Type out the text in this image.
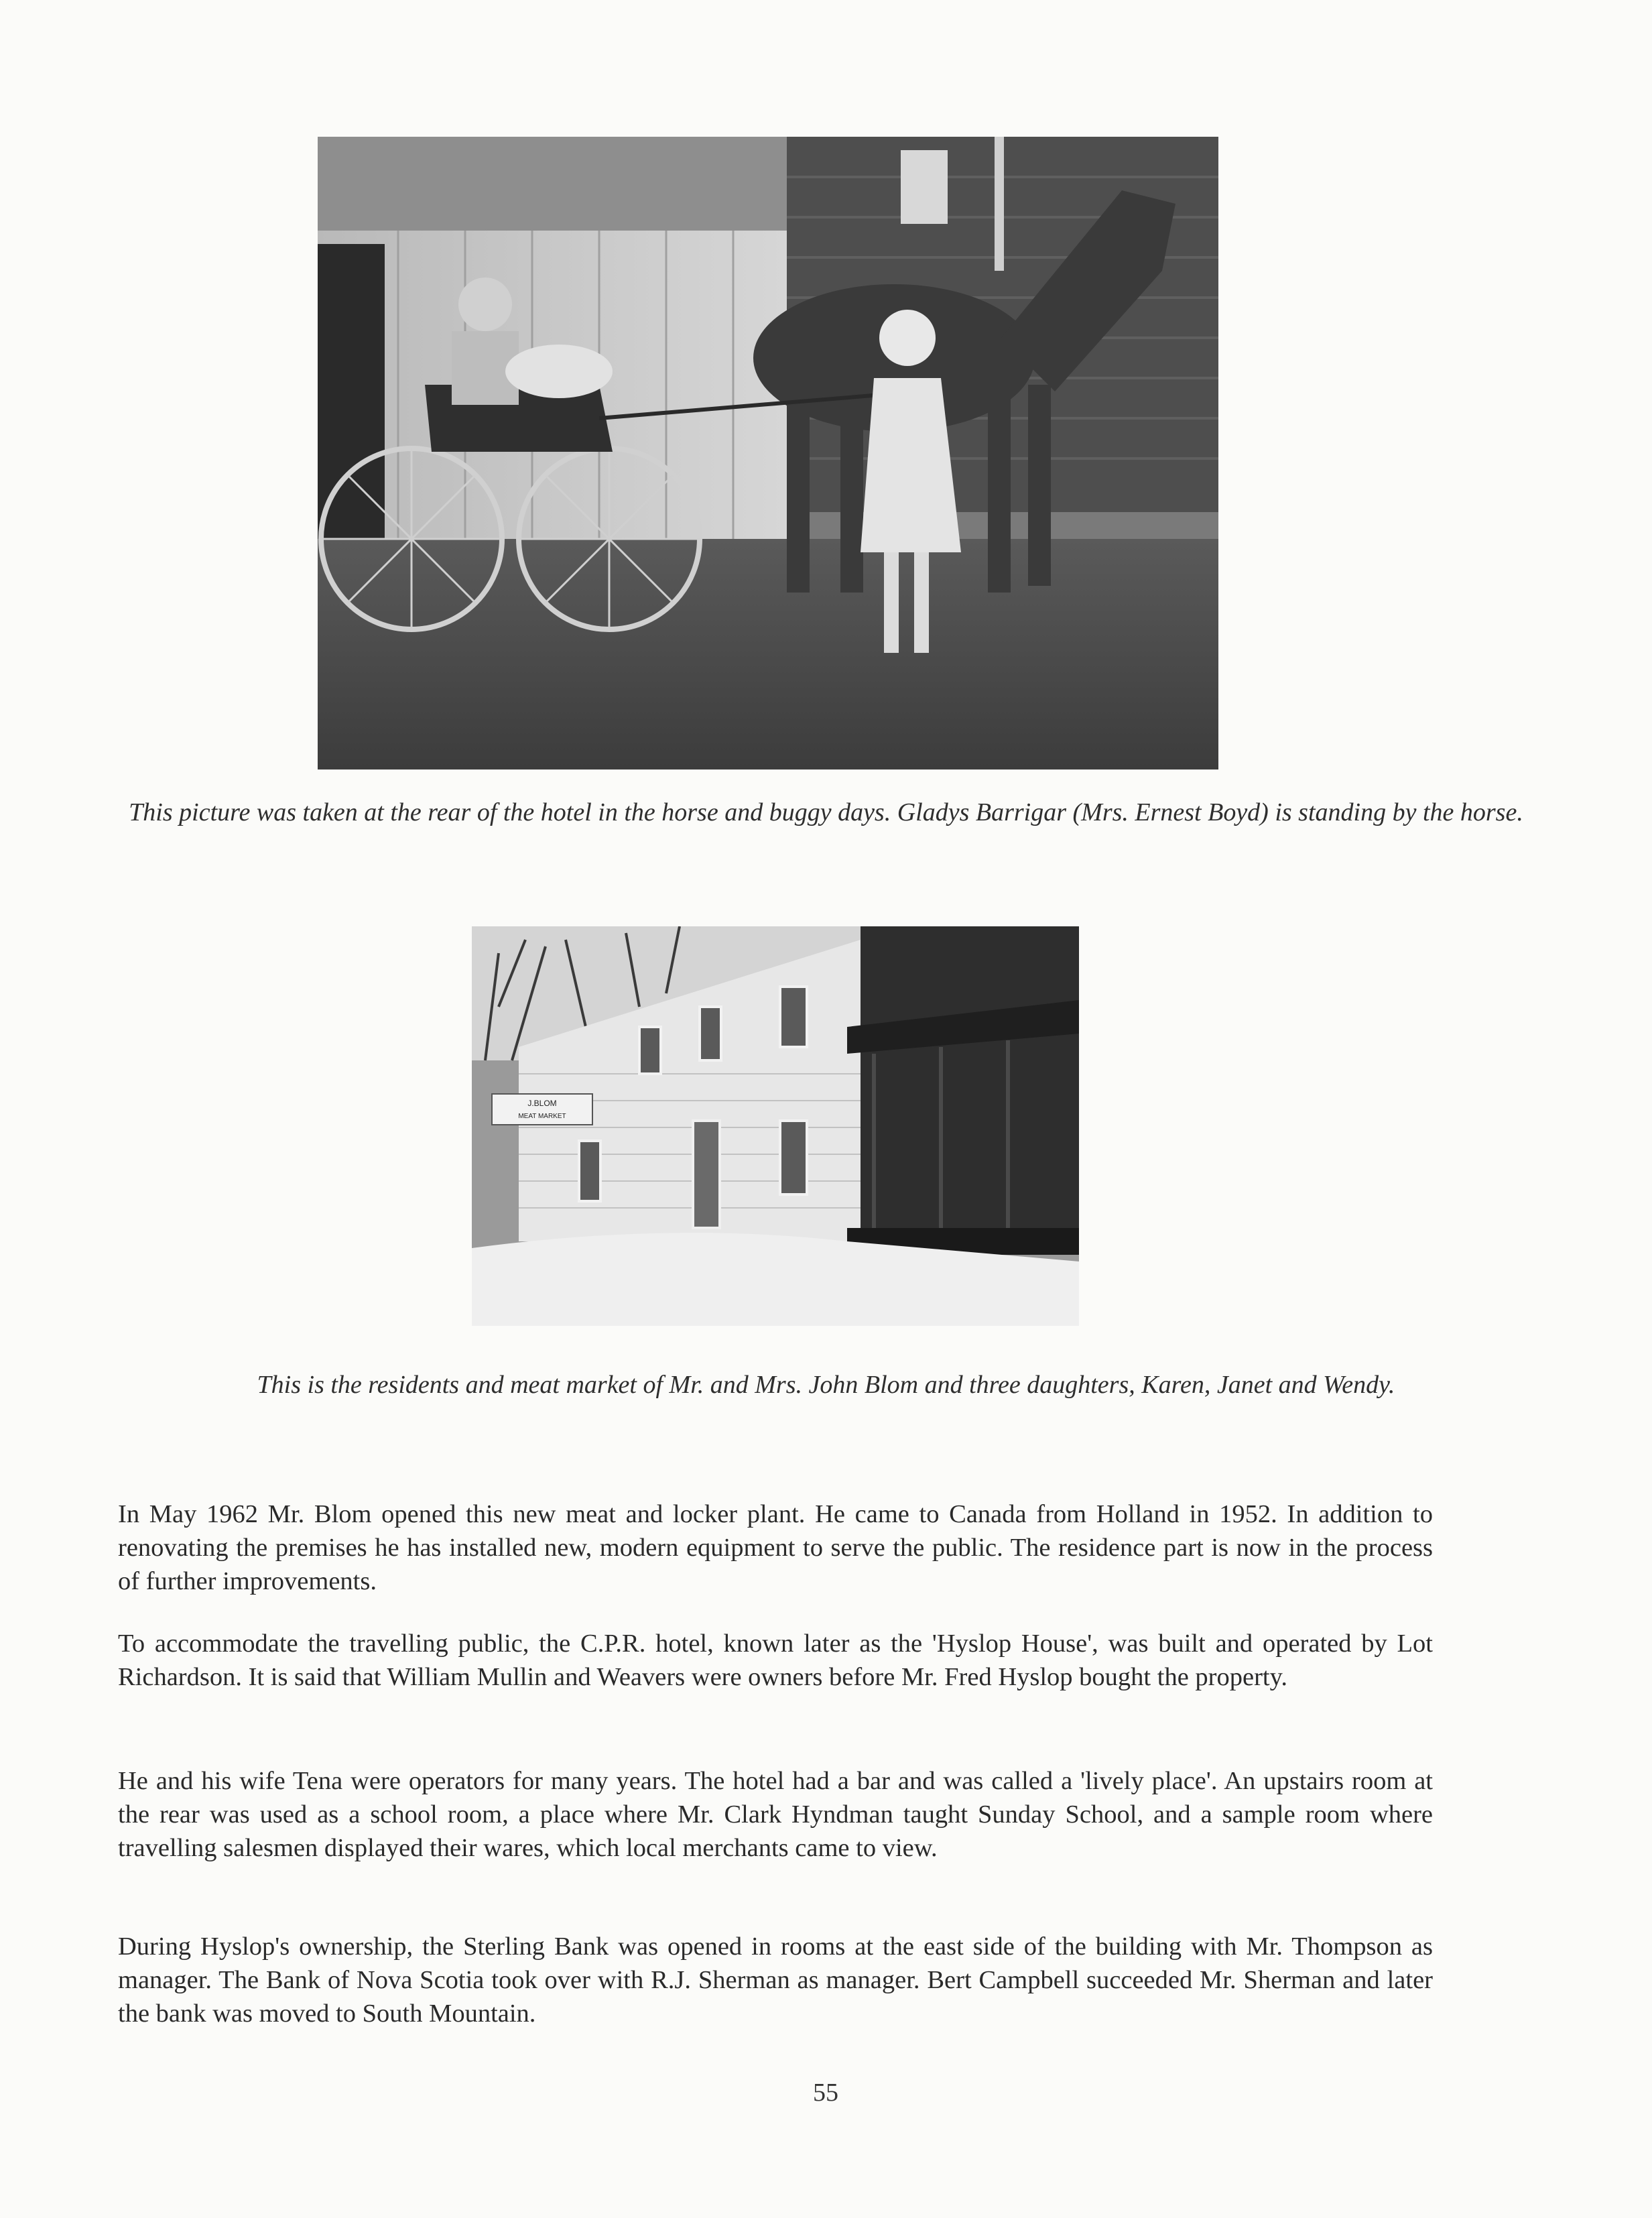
This picture was taken at the rear of the hotel in the horse and buggy days. Gladys Barrigar (Mrs. Ernest Boyd) is standing by the horse.
J.BLOM
MEAT MARKET
This is the residents and meat market of Mr. and Mrs. John Blom and three daughters, Karen, Janet and Wendy.

In May 1962 Mr. Blom opened this new meat and locker plant. He came to Canada from Holland in 1952. In addition to renovating the premises he has installed new, modern equipment to serve the public. The residence part is now in the process of further improvements.

To accommodate the travelling public, the C.P.R. hotel, known later as the 'Hyslop House', was built and operated by Lot Richardson. It is said that William Mullin and Weavers were owners before Mr. Fred Hyslop bought the property.

He and his wife Tena were operators for many years. The hotel had a bar and was called a 'lively place'. An upstairs room at the rear was used as a school room, a place where Mr. Clark Hyndman taught Sunday School, and a sample room where travelling salesmen displayed their wares, which local merchants came to view.

During Hyslop's ownership, the Sterling Bank was opened in rooms at the east side of the building with Mr. Thompson as manager. The Bank of Nova Scotia took over with R.J. Sherman as manager. Bert Campbell succeeded Mr. Sherman and later the bank was moved to South Mountain.

55
